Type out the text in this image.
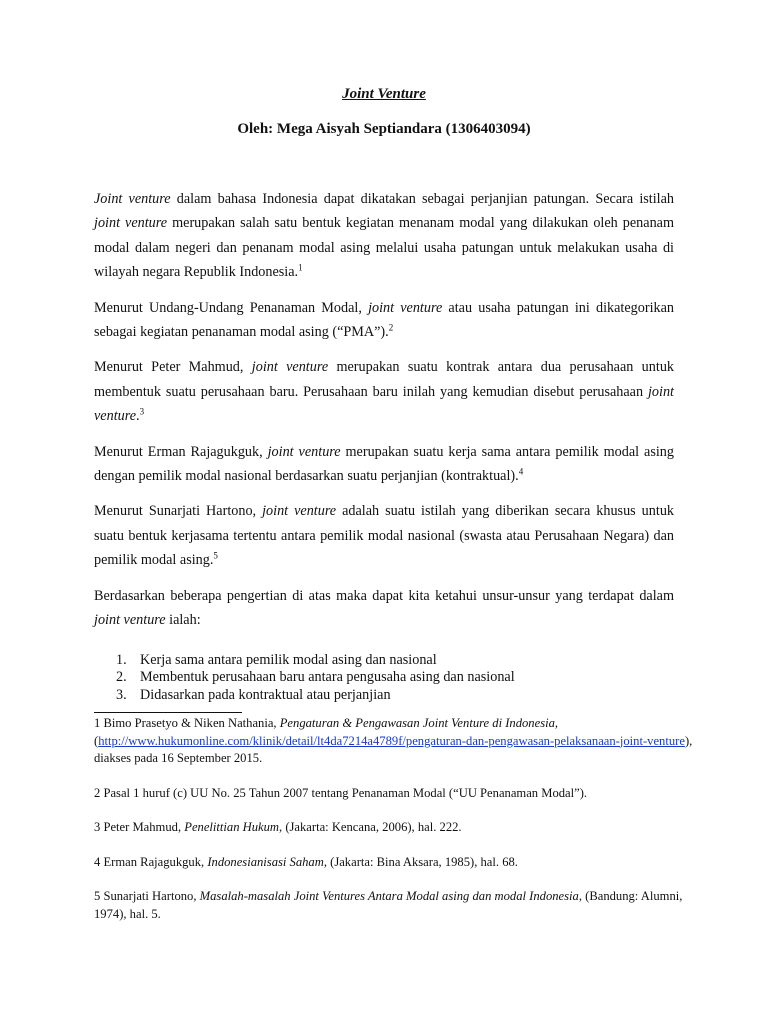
Joint Venture
Oleh: Mega Aisyah Septiandara (1306403094)

Joint venture dalam bahasa Indonesia dapat dikatakan sebagai perjanjian patungan. Secara istilah joint venture merupakan salah satu bentuk kegiatan menanam modal yang dilakukan oleh penanam modal dalam negeri dan penanam modal asing melalui usaha patungan untuk melakukan usaha di wilayah negara Republik Indonesia.$^1$

Menurut Undang-Undang Penanaman Modal, joint venture atau usaha patungan ini dikategorikan sebagai kegiatan penanaman modal asing (“PMA”).$^2$

Menurut Peter Mahmud, joint venture merupakan suatu kontrak antara dua perusahaan untuk membentuk suatu perusahaan baru. Perusahaan baru inilah yang kemudian disebut perusahaan joint venture.$^3$

Menurut Erman Rajagukguk, joint venture merupakan suatu kerja sama antara pemilik modal asing dengan pemilik modal nasional berdasarkan suatu perjanjian (kontraktual).$^4$

Menurut Sunarjati Hartono, joint venture adalah suatu istilah yang diberikan secara khusus untuk suatu bentuk kerjasama tertentu antara pemilik modal nasional (swasta atau Perusahaan Negara) dan pemilik modal asing.$^5$

Berdasarkan beberapa pengertian di atas maka dapat kita ketahui unsur-unsur yang terdapat dalam joint venture ialah:

1. Kerja sama antara pemilik modal asing dan nasional
2. Membentuk perusahaan baru antara pengusaha asing dan nasional
3. Didasarkan pada kontraktual atau perjanjian

1 Bimo Prasetyo & Niken Nathania, Pengaturan & Pengawasan Joint Venture di Indonesia, (http://www.hukumonline.com/klinik/detail/lt4da7214a4789f/pengaturan-dan-pengawasan-pelaksanaan-joint-venture), diakses pada 16 September 2015.

2 Pasal 1 huruf (c) UU No. 25 Tahun 2007 tentang Penanaman Modal (“UU Penanaman Modal”).

3 Peter Mahmud, Penelittian Hukum, (Jakarta: Kencana, 2006), hal. 222.

4 Erman Rajagukguk, Indonesianisasi Saham, (Jakarta: Bina Aksara, 1985), hal. 68.

5 Sunarjati Hartono, Masalah-masalah Joint Ventures Antara Modal asing dan modal Indonesia, (Bandung: Alumni, 1974), hal. 5.
